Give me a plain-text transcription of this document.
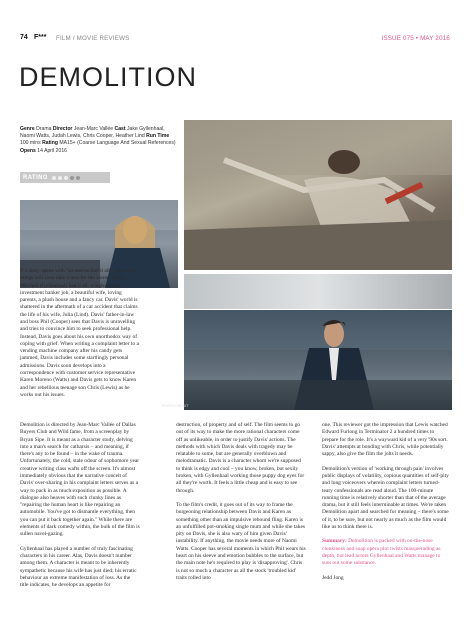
74 F*** FILM / MOVIE REVIEWS	ISSUE 075 • MAY 2016
DEMOLITION
Genre Drama Director Jean-Marc Vallée Cast Jake Gyllenhaal, Naomi Watts, Judah Lewis, Chris Cooper, Heather Lind Run Time 100 mins Rating MA15+ (Coarse Language And Sexual References) Opens 14 April 2016
RATING
PHOTO CREDIT

If a story opens with "so-and-so had it all", you know things will soon take a turn for the worse. Davis Mitchell (Gyllenhaal) had it all: a high-paying investment banker job, a beautiful wife, loving parents, a plush house and a fancy car. Davis' world is shattered in the aftermath of a car accident that claims the life of his wife, Julia (Lind). Davis' father-in-law and boss Phil (Cooper) sees that Davis is unravelling and tries to convince him to seek professional help. Instead, Davis goes about his own unorthodox way of coping with grief. When writing a complaint letter to a vending machine company after his candy gets jammed, Davis includes some startlingly personal admissions. Davis soon develops into a correspondence with customer service representative Karen Moreno (Watts) and Davis gets to know Karen and her rebellious teenage son Chris (Lewis) as he works out his issues.

Demolition is directed by Jean-Marc Vallée of Dallas Buyers Club and Wild fame, from a screenplay by Bryan Sipe. It is meant as a character study, delving into a man's search for catharsis – and meaning, if there's any to be found – in the wake of trauma. Unfortunately, the cold, stale odour of sophomore year creative writing class wafts off the screen. It's almost immediately obvious that the narrative conceit of Davis' over-sharing in his complaint letters serves as a way to pack in as much exposition as possible. A dialogue also heaves with such clunky lines as "repairing the human heart is like repairing an automobile. You've got to dismantle everything, then you can put it back together again." While there are elements of dark comedy within, the bulk of the film is sullen navel-gazing.

Gyllenhaal has played a number of truly fascinating characters in his career. Alas, Davis doesn't number among them. A character is meant to be inherently sympathetic because his wife has just died; his erratic behaviour an extreme manifestation of loss. As the title indicates, he develops an appetite for

destruction, of property and of self. The film seems to go out of its way to make the more rational characters come off as unlikeable, in order to justify Davis' actions. The methods with which Davis deals with tragedy may be relatable to some, but are generally overblown and melodramatic. Davis is a character whom we're supposed to think is edgy and cool – you know, broken, but sexily broken, with Gyllenhaal working those puppy dog eyes for all they're worth. It feels a little cheap and is easy to see through.

To the film's credit, it goes out of its way to frame the burgeoning relationship between Davis and Karen as something other than an impulsive rebound fling. Karen is an unfulfilled pot-smoking single mum and while she takes pity on Davis, she is also wary of him given Davis' instability. If anything, the movie needs more of Naomi Watts. Cooper has several moments in which Phil wears his heart on his sleeve and emotion bubbles to the surface, but the main note he's required to play is 'disapproving'. Chris is not so much a character as all the stock 'troubled kid' traits rolled into

one. This reviewer got the impression that Lewis watched Edward Furlong in Terminator 2 a hundred times to prepare for the role. It's a wayward kid of a very '90s sort. Davis' attempts at bonding with Chris, while potentially sappy, also give the film the jolts it needs.

Demolition's version of 'working through pain' involves public displays of volatility, copious quantities of self-pity and long voiceovers wherein complaint letters turned-teary confessionals are read aloud. The 100-minute running time is relatively shorter than that of the average drama, but it still feels interminable at times. We're taken Demolition apart and searched for meaning – there's some of it, to be sure, but not nearly as much as the film would like us to think there is.

Summary: Demolition is packed with on-the-nose clunkiness and soap opera plot twists masquerading as depth, but lead actors Gyllenhaal and Watts manage to suss out some substance.

Jedd Jong
